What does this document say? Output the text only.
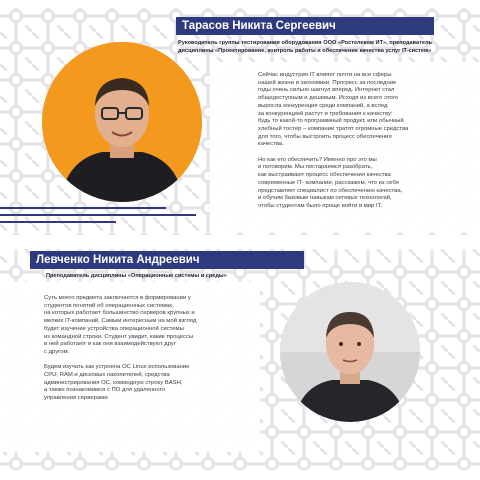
Тарасов Никита Сергеевич
Руководитель группы тестирования оборудования ООО «Ростелеком ИТ», преподаватель дисциплины «Проектирование, контроль работы и обеспечение качества услуг IT-систем»

Сейчас индустрия IT влияет почти на все сферы
нашей жизни и экономики. Прогресс за последние
годы очень сильно шагнул вперед. Интернет стал
общедоступным и дешевым. Исходя из всего этого
выросла конкуренция среди компаний, а вслед
за конкуренцией растут и требования к качеству:
будь то какой-то программный продукт, или обычный
хлебный тостер – компании тратят огромные средства
для того, чтобы выстроить процесс обеспечения
качества.

Но как его обеспечить? Именно про это мы
и поговорим. Мы постараемся разобрать,
как выстраивают процесс обеспечения качества
современные IT- компании, расскажем, что из себя
представляет специалист по обеспечению качества,
и обучим базовым навыкам сетевых технологий,
чтобы студентам было проще войти в мир IT.

Левченко Никита Андреевич
Преподаватель дисциплины «Операционные системы и среды»

Суть моего предмета заключается в формировании у
студентов понятий об операционных системах,
на которых работает большинство серверов крупных и
мелких IT-компаний. Самым интересным на мой взгляд
будет изучение устройства операционной системы
из командной строки. Студент увидит, какие процессы
в ней работают и как они взаимодействуют друг
с другом.

Будем изучать как устроена ОС Linux использование
CPU, RAM и дисковых накопителей, средства
администрирования ОС, командную строку BASH,
а также познакомимся с ПО для удаленного
управления серверами.
